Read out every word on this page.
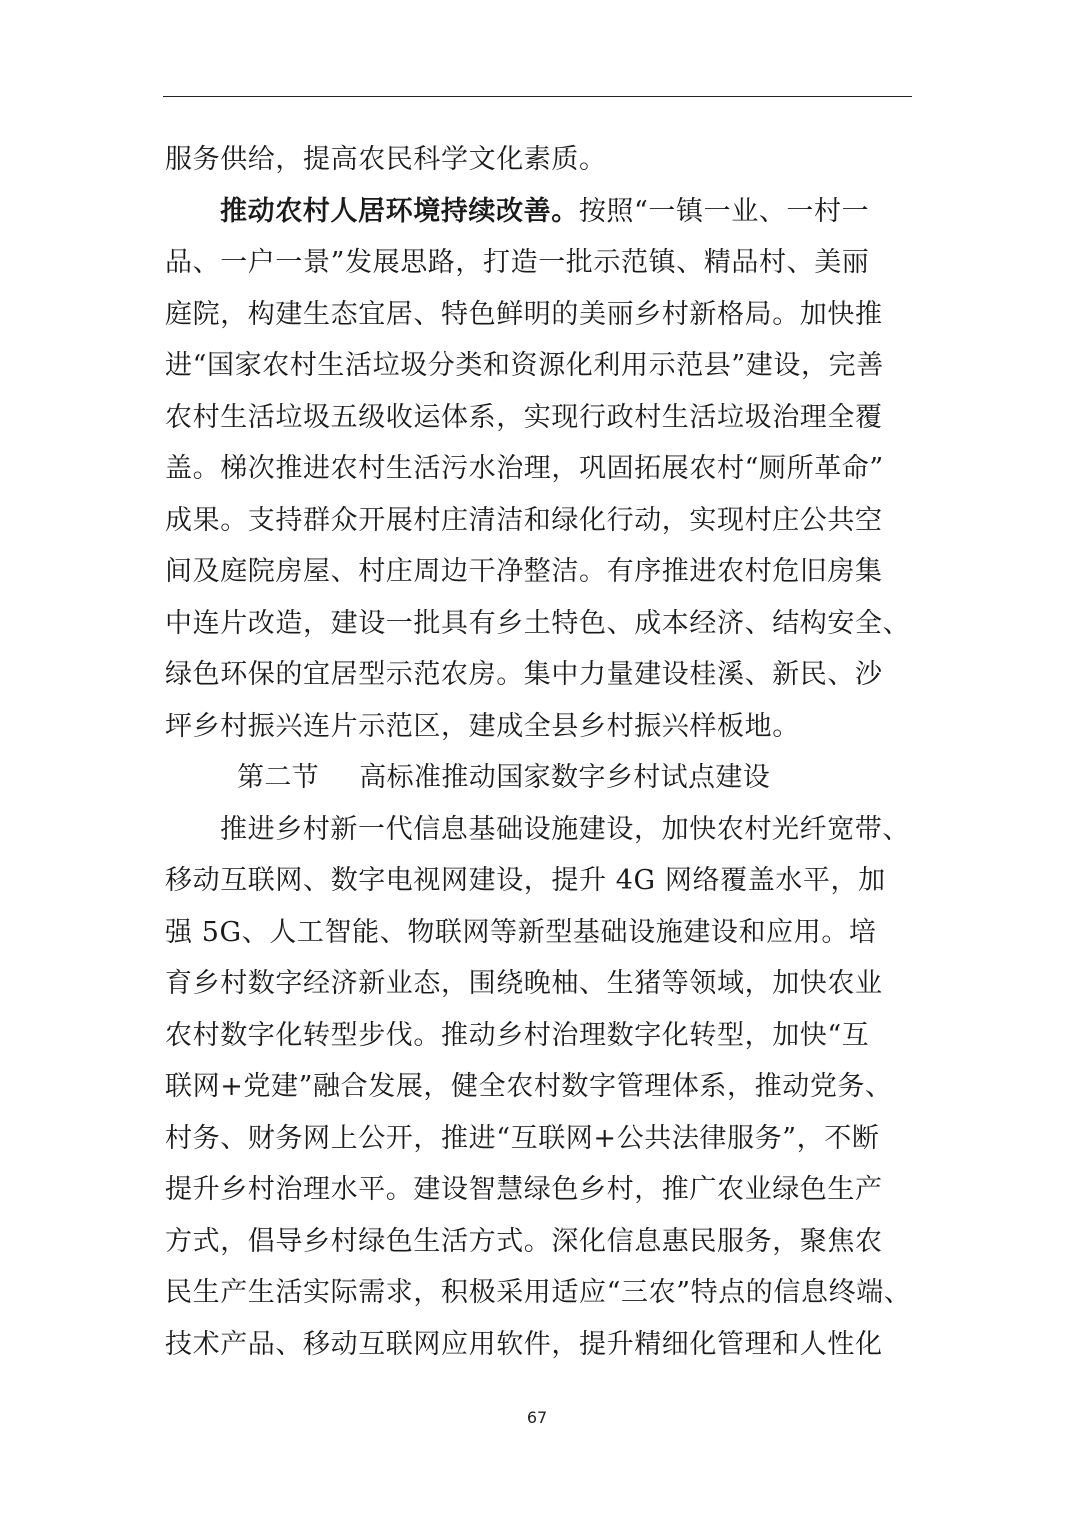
服务供给，提高农民科学文化素质。
推动农村人居环境持续改善。按照“一镇一业、一村一
品、一户一景”发展思路，打造一批示范镇、精品村、美丽
庭院，构建生态宜居、特色鲜明的美丽乡村新格局。加快推
进“国家农村生活垃圾分类和资源化利用示范县”建设，完善
农村生活垃圾五级收运体系，实现行政村生活垃圾治理全覆
盖。梯次推进农村生活污水治理，巩固拓展农村“厕所革命”
成果。支持群众开展村庄清洁和绿化行动，实现村庄公共空
间及庭院房屋、村庄周边干净整洁。有序推进农村危旧房集
中连片改造，建设一批具有乡土特色、成本经济、结构安全、
绿色环保的宜居型示范农房。集中力量建设桂溪、新民、沙
坪乡村振兴连片示范区，建成全县乡村振兴样板地。
第二节 高标准推动国家数字乡村试点建设
推进乡村新一代信息基础设施建设，加快农村光纤宽带、
移动互联网、数字电视网建设，提升 4G 网络覆盖水平，加
强 5G、人工智能、物联网等新型基础设施建设和应用。培
育乡村数字经济新业态，围绕晚柚、生猪等领域，加快农业
农村数字化转型步伐。推动乡村治理数字化转型，加快“互
联网+党建”融合发展，健全农村数字管理体系，推动党务、
村务、财务网上公开，推进“互联网+公共法律服务”，不断
提升乡村治理水平。建设智慧绿色乡村，推广农业绿色生产
方式，倡导乡村绿色生活方式。深化信息惠民服务，聚焦农
民生产生活实际需求，积极采用适应“三农”特点的信息终端、
技术产品、移动互联网应用软件，提升精细化管理和人性化
67
